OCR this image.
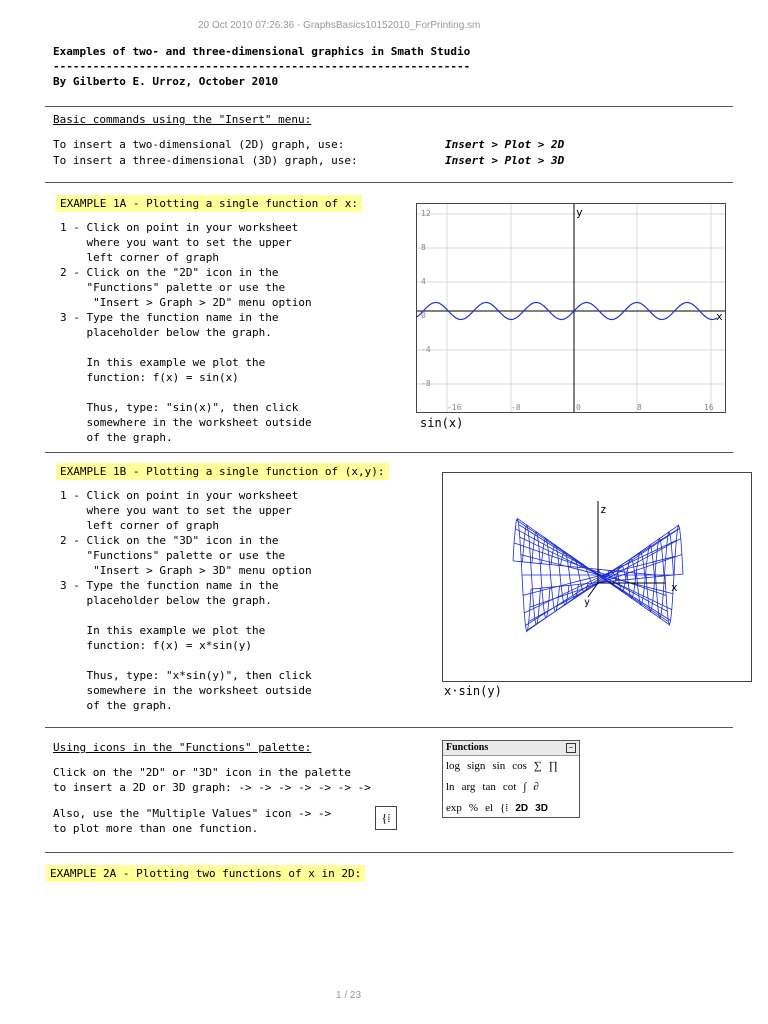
20 Oct 2010 07:26:36 - GraphsBasics10152010_ForPrinting.sm
Examples of two- and three-dimensional graphics in Smath Studio
---------------------------------------------------------------
By Gilberto E. Urroz, October 2010
Basic commands using the "Insert" menu:
To insert a two-dimensional (2D) graph, use:	Insert > Plot > 2D
To insert a three-dimensional (3D) graph, use:	Insert > Plot > 3D
EXAMPLE 1A - Plotting a single function of x:
1 - Click on point in your worksheet
where you want to set the upper
left corner of graph
2 - Click on the "2D" icon in the
"Functions" palette or use the
"Insert > Graph > 2D" menu option
3 - Type the function name in the
placeholder below the graph.

In this example we plot the
function: f(x) = sin(x)

Thus, type: "sin(x)", then click
somewhere in the worksheet outside
of the graph.
12
8
4
0
-4
-8
-16	-8	0	8	16
y
x
sin(x)
EXAMPLE 1B - Plotting a single function of (x,y):
1 - Click on point in your worksheet
where you want to set the upper
left corner of graph
2 - Click on the "3D" icon in the
"Functions" palette or use the
"Insert > Graph > 3D" menu option
3 - Type the function name in the
placeholder below the graph.

In this example we plot the
function: f(x) = x*sin(y)

Thus, type: "x*sin(y)", then click
somewhere in the worksheet outside
of the graph.
z
x
y
x·sin(y)
Using icons in the "Functions" palette:
Click on the "2D" or "3D" icon in the palette
to insert a 2D or 3D graph: -> -> -> -> -> -> ->
Also, use the "Multiple Values" icon -> ->
to plot more than one function.
{⁞
Functions	−
log sign sin cos ∑ ∏
ln arg tan cot ∫ ∂
exp % el {⁞ 2D 3D
EXAMPLE 2A - Plotting two functions of x in 2D:
1 / 23
